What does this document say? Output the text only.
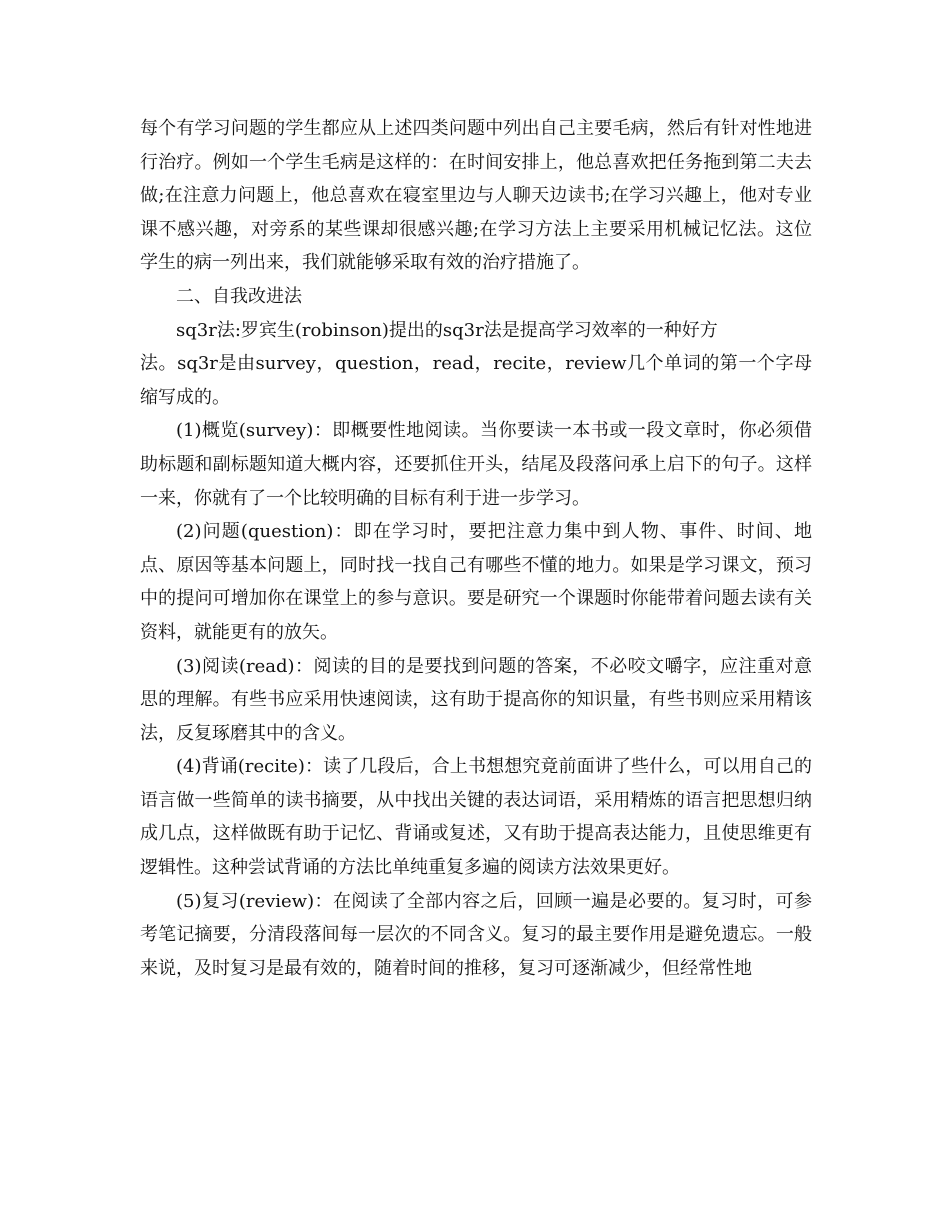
每个有学习问题的学生都应从上述四类问题中列出自己主要毛病，然后有针对性地进行治疗。例如一个学生毛病是这样的：在时间安排上，他总喜欢把任务拖到第二夫去做;在注意力问题上，他总喜欢在寝室里边与人聊天边读书;在学习兴趣上，他对专业课不感兴趣，对旁系的某些课却很感兴趣;在学习方法上主要采用机械记忆法。这位学生的病一列出来，我们就能够采取有效的治疗措施了。

二、自我改进法

sq3r法:罗宾生(robinson)提出的sq3r法是提高学习效率的一种好方
法。sq3r是由survey，question，read，recite，review几个单词的第一个字母缩写成的。

(1)概览(survey)：即概要性地阅读。当你要读一本书或一段文章时，你必须借助标题和副标题知道大概内容，还要抓住开头，结尾及段落问承上启下的句子。这样一来，你就有了一个比较明确的目标有利于进一步学习。

(2)问题(question)：即在学习时，要把注意力集中到人物、事件、时间、地点、原因等基本问题上，同时找一找自己有哪些不懂的地力。如果是学习课文，预习中的提问可增加你在课堂上的参与意识。要是研究一个课题时你能带着问题去读有关资料，就能更有的放矢。

(3)阅读(read)：阅读的目的是要找到问题的答案，不必咬文嚼字，应注重对意思的理解。有些书应采用快速阅读，这有助于提高你的知识量，有些书则应采用精该法，反复琢磨其中的含义。

(4)背诵(recite)：读了几段后，合上书想想究竟前面讲了些什么，可以用自己的语言做一些简单的读书摘要，从中找出关键的表达词语，采用精炼的语言把思想归纳成几点，这样做既有助于记忆、背诵或复述，又有助于提高表达能力，且使思维更有逻辑性。这种尝试背诵的方法比单纯重复多遍的阅读方法效果更好。

(5)复习(review)：在阅读了全部内容之后，回顾一遍是必要的。复习时，可参考笔记摘要，分清段落间每一层次的不同含义。复习的最主要作用是避免遗忘。一般来说，及时复习是最有效的，随着时间的推移，复习可逐渐减少，但经常性地
